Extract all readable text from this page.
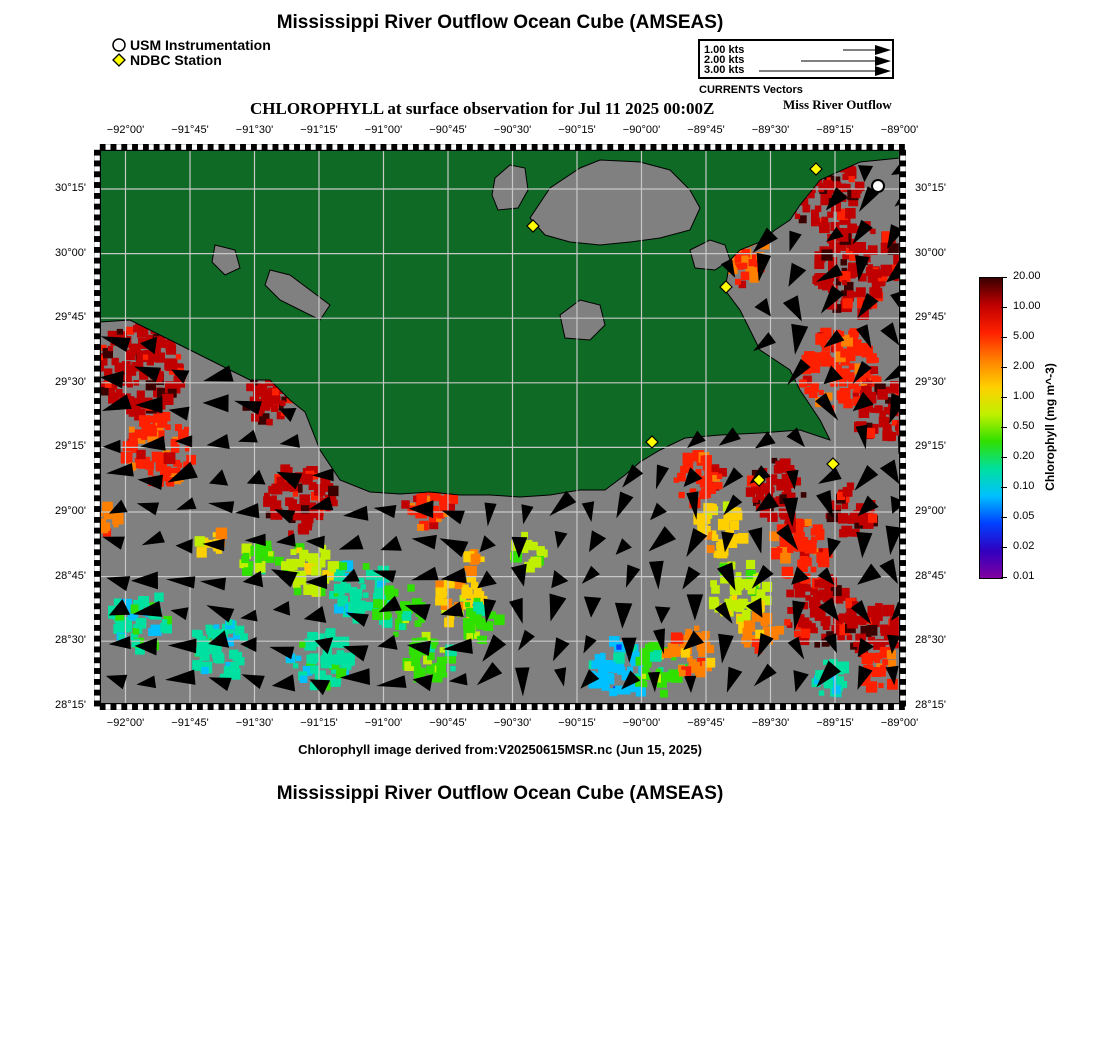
Mississippi River Outflow Ocean Cube (AMSEAS)
USM Instrumentation
NDBC Station
1.00 kts
2.00 kts
3.00 kts
CURRENTS Vectors
CHLOROPHYLL at surface observation for Jul 11 2025 00:00Z	Miss River Outflow
−92°00'	−91°45'	−91°30'	−91°15'	−91°00'	−90°45'	−90°30'	−90°15'	−90°00'	−89°45'	−89°30'	−89°15'	−89°00'
−92°00'	−91°45'	−91°30'	−91°15'	−91°00'	−90°45'	−90°30'	−90°15'	−90°00'	−89°45'	−89°30'	−89°15'	−89°00'
30°15'
30°00'
29°45'
29°30'
29°15'
29°00'
28°45'
28°30'
28°15'
30°15'
30°00'
29°45'
29°30'
29°15'
29°00'
28°45'
28°30'
28°15'
20.00
10.00
5.00
2.00
1.00
0.50
0.20
0.10
0.05
0.02
0.01
Chlorophyll (mg m^-3)
Chlorophyll image derived from:V20250615MSR.nc (Jun 15, 2025)
Mississippi River Outflow Ocean Cube (AMSEAS)
